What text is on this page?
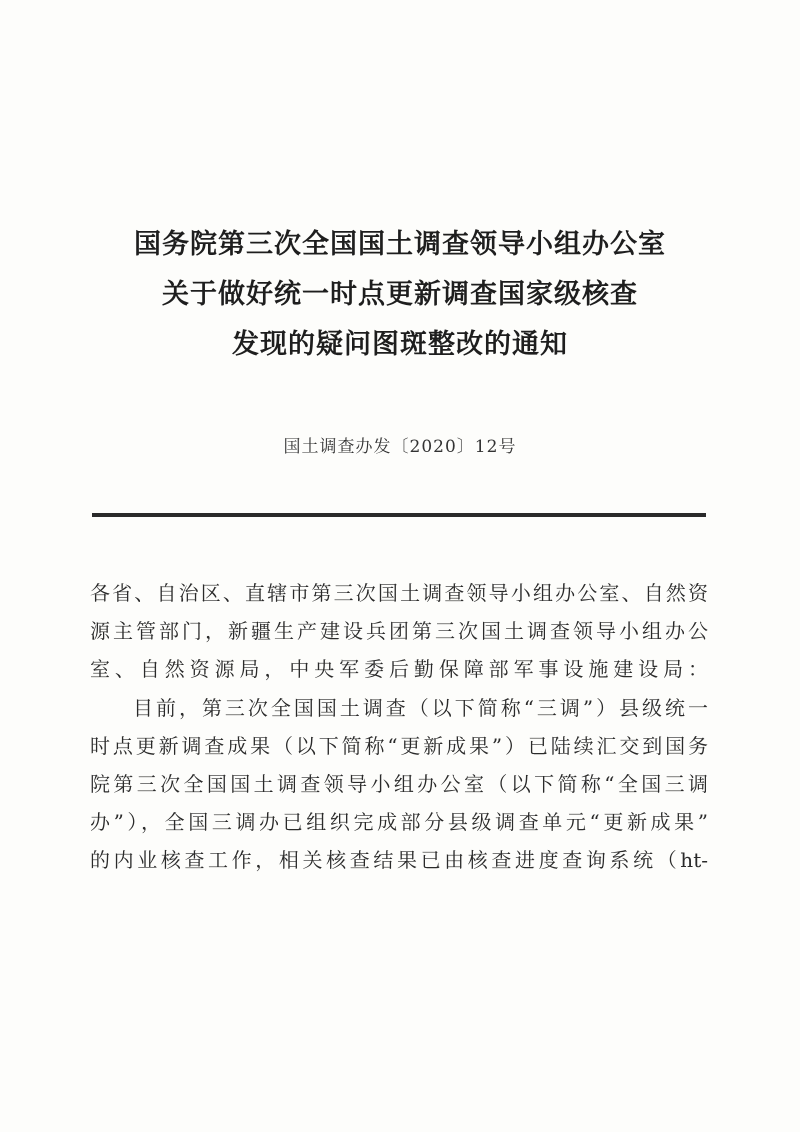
国务院第三次全国国土调查领导小组办公室
关于做好统一时点更新调查国家级核查
发现的疑问图斑整改的通知
国土调查办发〔2020〕12号
各省、自治区、直辖市第三次国土调查领导小组办公室、自然资
源主管部门，新疆生产建设兵团第三次国土调查领导小组办公
室、自然资源局，中央军委后勤保障部军事设施建设局：
目前，第三次全国国土调查（以下简称“三调”）县级统一
时点更新调查成果（以下简称“更新成果”）已陆续汇交到国务
院第三次全国国土调查领导小组办公室（以下简称“全国三调
办”），全国三调办已组织完成部分县级调查单元“更新成果”
的内业核查工作，相关核查结果已由核查进度查询系统（ht-
